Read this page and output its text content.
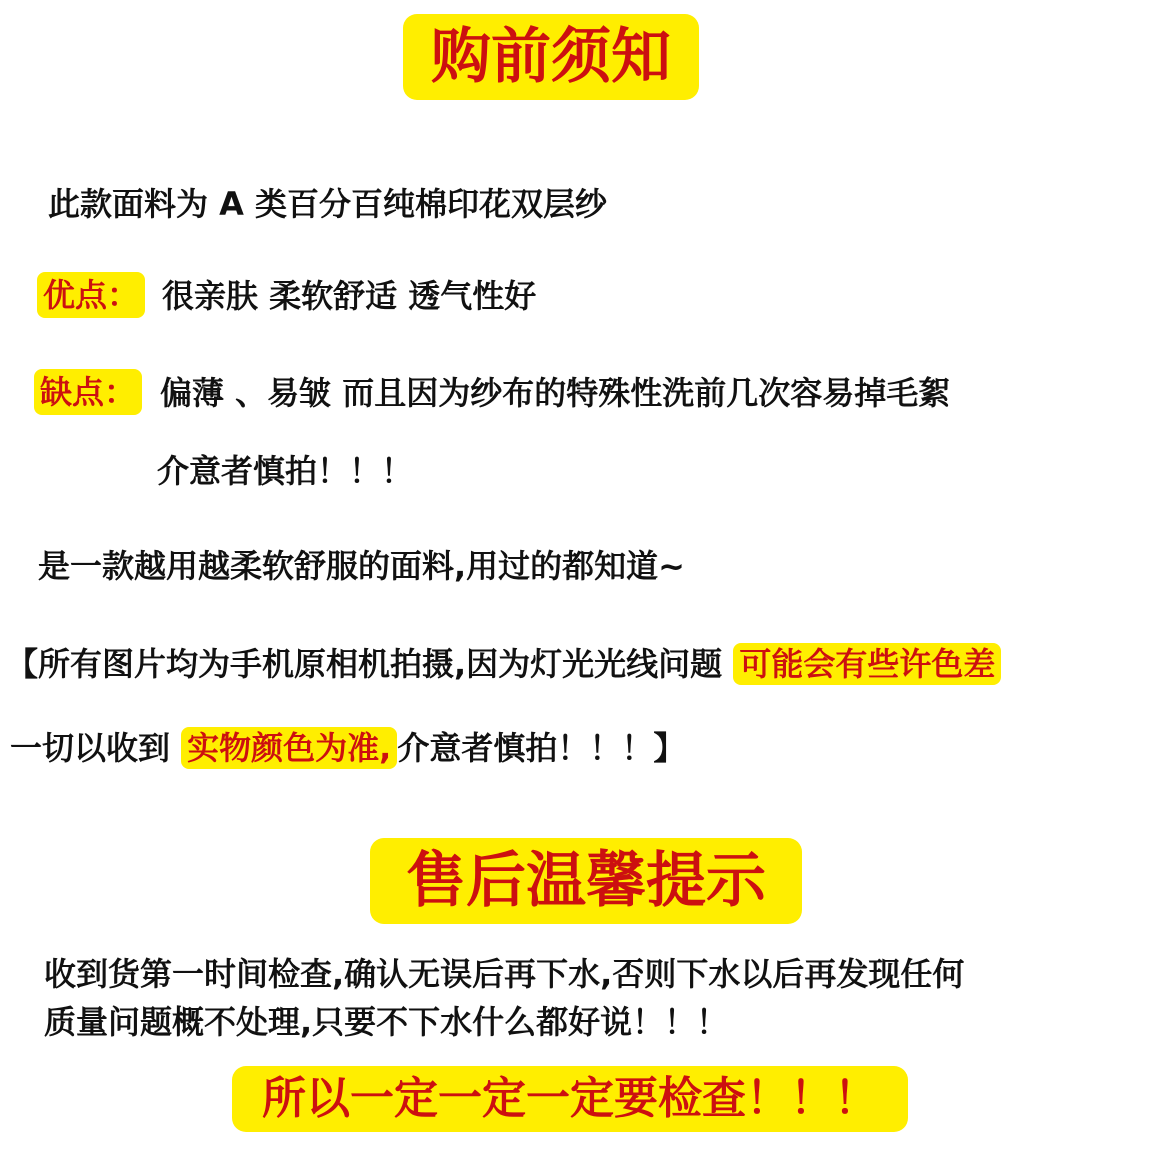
购前须知
此款面料为 A 类百分百纯棉印花双层纱
优点： 很亲肤 柔软舒适 透气性好
缺点： 偏薄 、易皱 而且因为纱布的特殊性洗前几次容易掉毛絮
介意者慎拍！！！
是一款越用越柔软舒服的面料,用过的都知道~
【所有图片均为手机原相机拍摄,因为灯光光线问题 可能会有些许色差
一切以收到 实物颜色为准, 介意者慎拍！！！】
售后温馨提示
收到货第一时间检查,确认无误后再下水,否则下水以后再发现任何
质量问题概不处理,只要不下水什么都好说！！！
所以一定一定一定要检查！！！
